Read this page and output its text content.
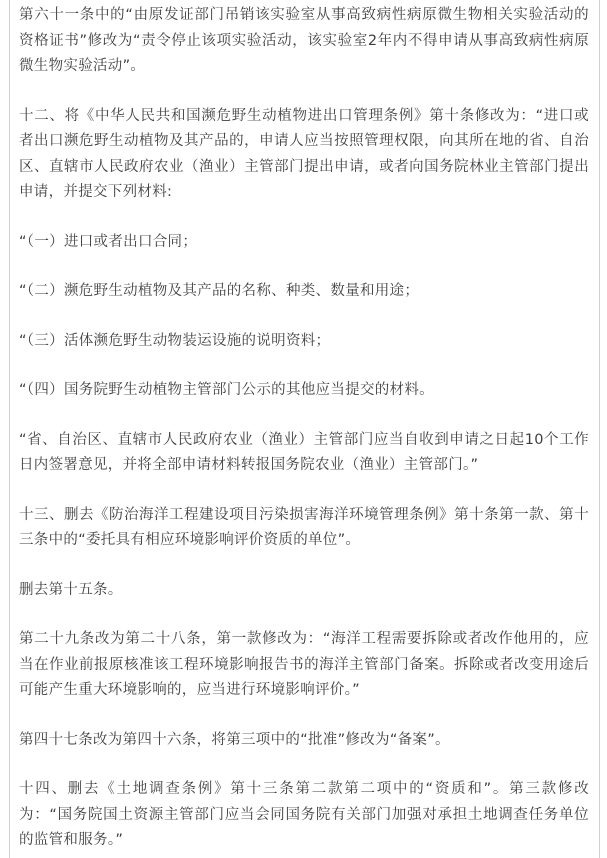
第六十一条中的“由原发证部门吊销该实验室从事高致病性病原微生物相关实验活动的资格证书”修改为“责令停止该项实验活动，该实验室2年内不得申请从事高致病性病原微生物实验活动”。

十二、将《中华人民共和国濒危野生动植物进出口管理条例》第十条修改为：“进口或者出口濒危野生动植物及其产品的，申请人应当按照管理权限，向其所在地的省、自治区、直辖市人民政府农业（渔业）主管部门提出申请，或者向国务院林业主管部门提出申请，并提交下列材料:

“（一）进口或者出口合同；

“（二）濒危野生动植物及其产品的名称、种类、数量和用途；

“（三）活体濒危野生动物装运设施的说明资料；

“（四）国务院野生动植物主管部门公示的其他应当提交的材料。

“省、自治区、直辖市人民政府农业（渔业）主管部门应当自收到申请之日起10个工作日内签署意见，并将全部申请材料转报国务院农业（渔业）主管部门。”

十三、删去《防治海洋工程建设项目污染损害海洋环境管理条例》第十条第一款、第十三条中的“委托具有相应环境影响评价资质的单位”。

删去第十五条。

第二十九条改为第二十八条，第一款修改为：“海洋工程需要拆除或者改作他用的，应当在作业前报原核准该工程环境影响报告书的海洋主管部门备案。拆除或者改变用途后可能产生重大环境影响的，应当进行环境影响评价。”

第四十七条改为第四十六条，将第三项中的“批准”修改为“备案”。

十四、删去《土地调查条例》第十三条第二款第二项中的“资质和”。第三款修改为：“国务院国土资源主管部门应当会同国务院有关部门加强对承担土地调查任务单位的监管和服务。”
